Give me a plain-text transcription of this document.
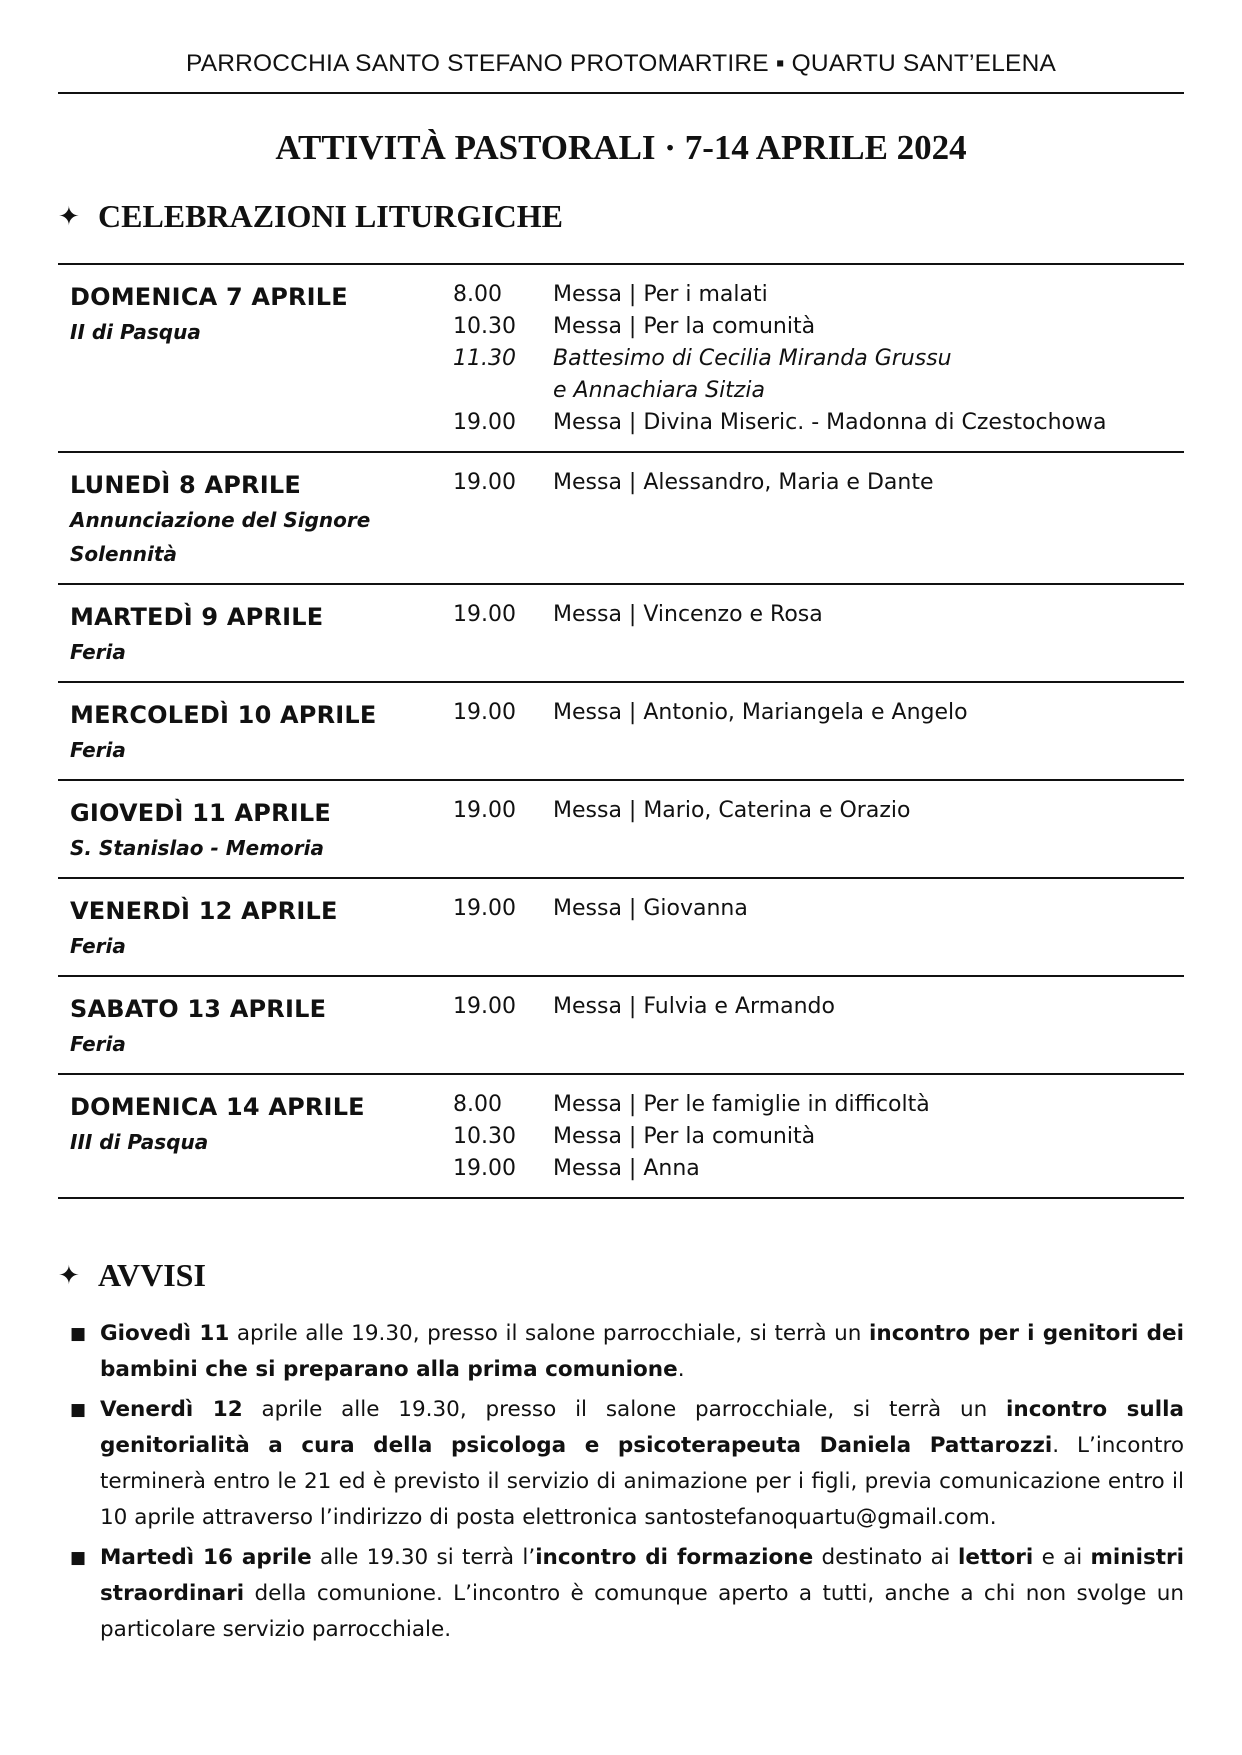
PARROCCHIA SANTO STEFANO PROTOMARTIRE ▪ QUARTU SANT’ELENA
ATTIVITÀ PASTORALI · 7-14 APRILE 2024
✦ CELEBRAZIONI LITURGICHE
DOMENICA 7 APRILE
II di Pasqua
8.00	Messa | Per i malati
10.30	Messa | Per la comunità
11.30	Battesimo di Cecilia Miranda Grussu
e Annachiara Sitzia
19.00	Messa | Divina Miseric. - Madonna di Czestochowa
LUNEDÌ 8 APRILE
Annunciazione del Signore
Solennità
19.00	Messa | Alessandro, Maria e Dante
MARTEDÌ 9 APRILE
Feria
19.00	Messa | Vincenzo e Rosa
MERCOLEDÌ 10 APRILE
Feria
19.00	Messa | Antonio, Mariangela e Angelo
GIOVEDÌ 11 APRILE
S. Stanislao - Memoria
19.00	Messa | Mario, Caterina e Orazio
VENERDÌ 12 APRILE
Feria
19.00	Messa | Giovanna
SABATO 13 APRILE
Feria
19.00	Messa | Fulvia e Armando
DOMENICA 14 APRILE
III di Pasqua
8.00	Messa | Per le famiglie in difficoltà
10.30	Messa | Per la comunità
19.00	Messa | Anna
✦ AVVISI
■ Giovedì 11 aprile alle 19.30, presso il salone parrocchiale, si terrà un incontro per i genitori dei bambini che si preparano alla prima comunione.
■ Venerdì 12 aprile alle 19.30, presso il salone parrocchiale, si terrà un incontro sulla genitorialità a cura della psicologa e psicoterapeuta Daniela Pattarozzi. L’incontro terminerà entro le 21 ed è previsto il servizio di animazione per i figli, previa comunicazione entro il 10 aprile attraverso l’indirizzo di posta elettronica santostefanoquartu@gmail.com.
■ Martedì 16 aprile alle 19.30 si terrà l’incontro di formazione destinato ai lettori e ai ministri straordinari della comunione. L’incontro è comunque aperto a tutti, anche a chi non svolge un particolare servizio parrocchiale.
